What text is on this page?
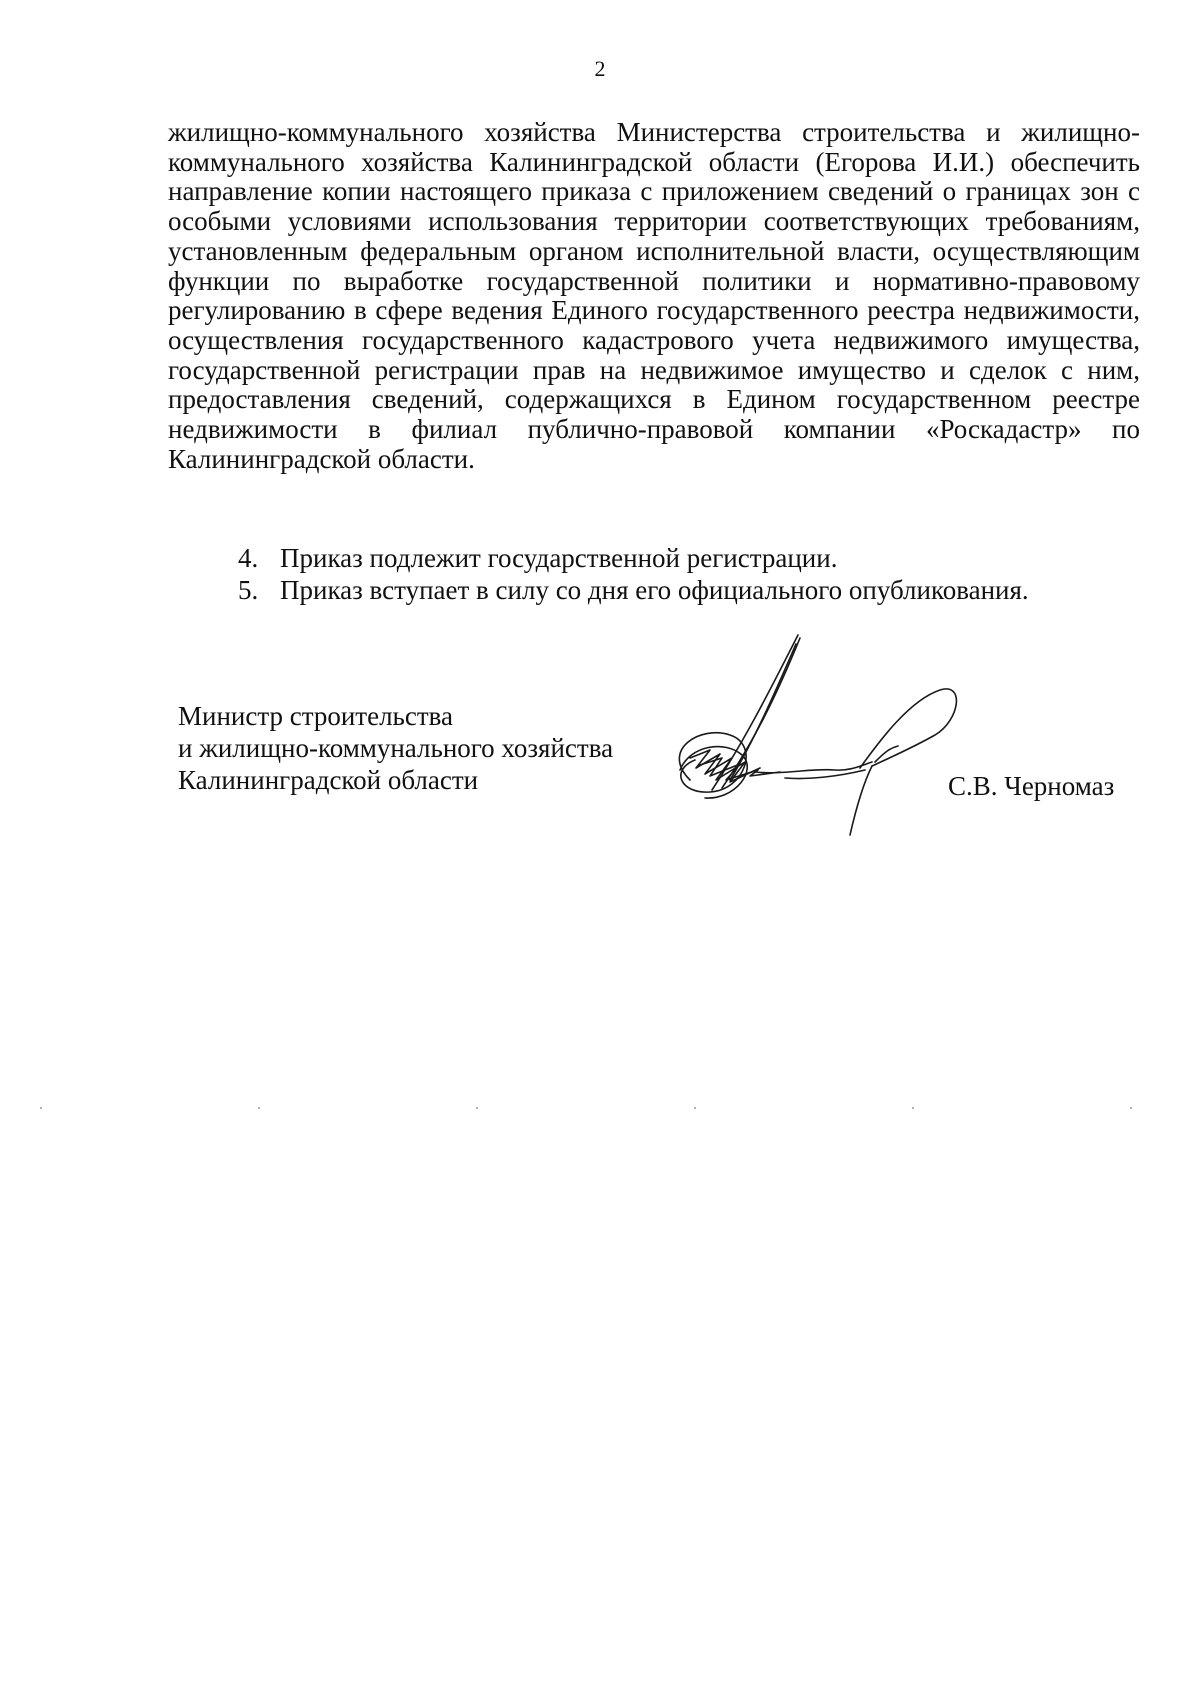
2

жилищно-коммунального хозяйства Министерства строительства и жилищно-коммунального хозяйства Калининградской области (Егорова И.И.) обеспечить направление копии настоящего приказа с приложением сведений о границах зон с особыми условиями использования территории соответствующих требованиям, установленным федеральным органом исполнительной власти, осуществляющим функции по выработке государственной политики и нормативно-правовому регулированию в сфере ведения Единого государственного реестра недвижимости, осуществления государственного кадастрового учета недвижимого имущества, государственной регистрации прав на недвижимое имущество и сделок с ним, предоставления сведений, содержащихся в Едином государственном реестре недвижимости в филиал публично-правовой компании «Роскадастр» по Калининградской области.

4. Приказ подлежит государственной регистрации.
5. Приказ вступает в силу со дня его официального опубликования.
Министр строительства
и жилищно-коммунального хозяйства
Калининградской области	С.В. Черномаз
